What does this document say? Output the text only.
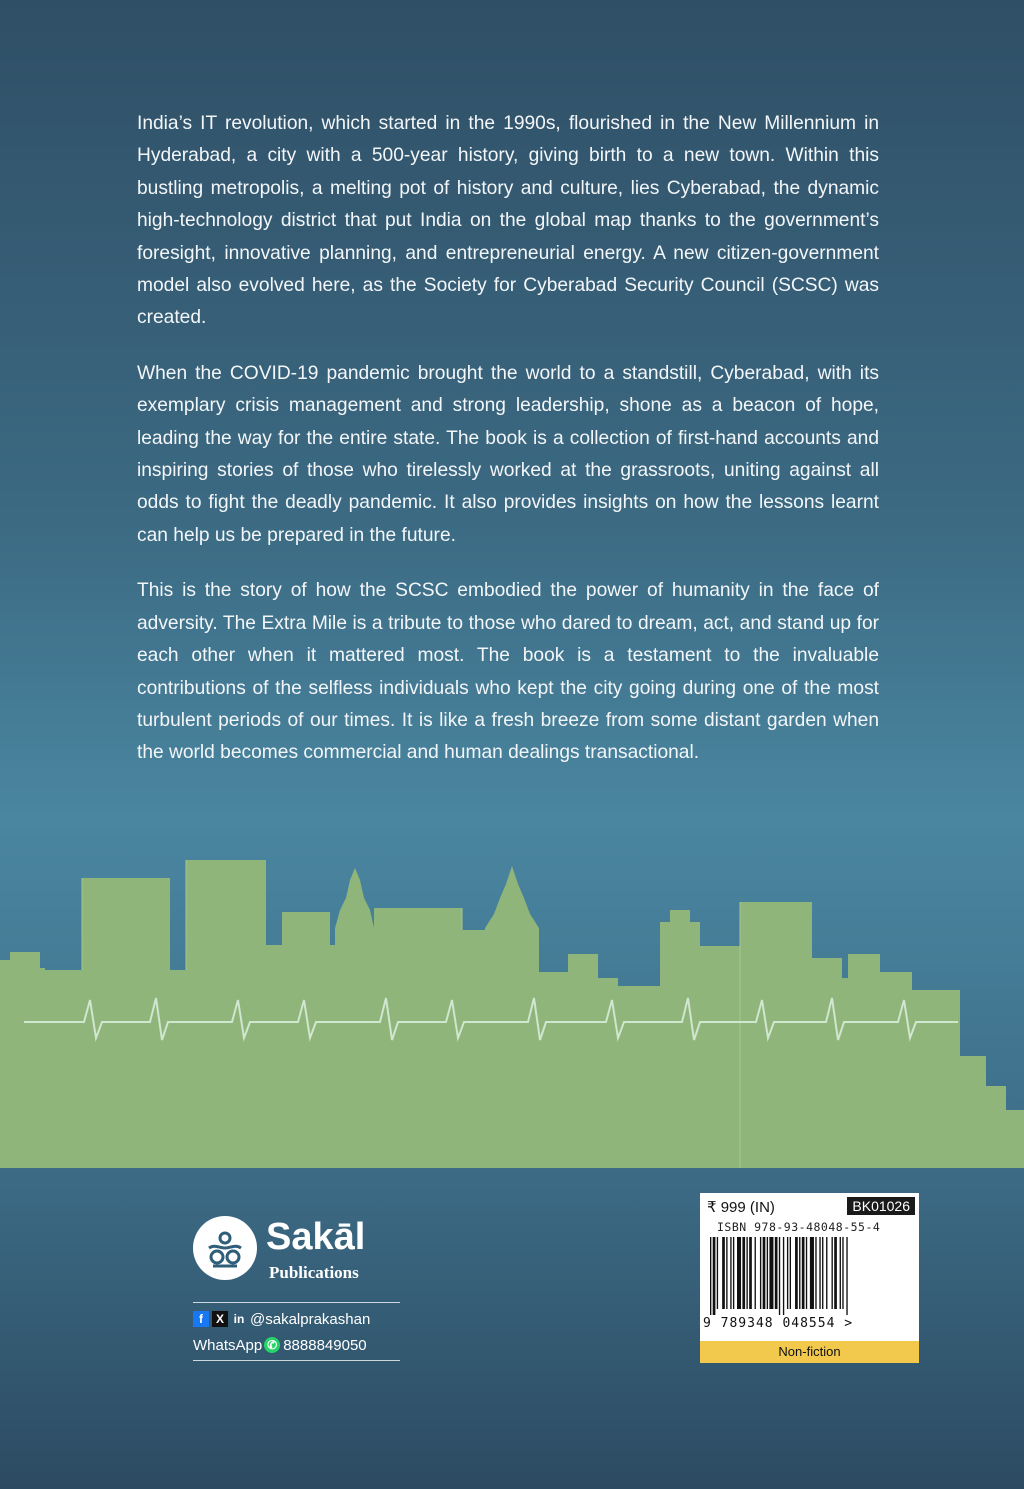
India’s IT revolution, which started in the 1990s, flourished in the New Millennium in Hyderabad, a city with a 500-year history, giving birth to a new town. Within this bustling metropolis, a melting pot of history and culture, lies Cyberabad, the dynamic high-technology district that put India on the global map thanks to the government’s foresight, innovative planning, and entrepreneurial energy. A new citizen-government model also evolved here, as the Society for Cyberabad Security Council (SCSC) was created.

When the COVID-19 pandemic brought the world to a standstill, Cyberabad, with its exemplary crisis management and strong leadership, shone as a beacon of hope, leading the way for the entire state. The book is a collection of first-hand accounts and inspiring stories of those who tirelessly worked at the grassroots, uniting against all odds to fight the deadly pandemic. It also provides insights on how the lessons learnt can help us be prepared in the future.

This is the story of how the SCSC embodied the power of humanity in the face of adversity. The Extra Mile is a tribute to those who dared to dream, act, and stand up for each other when it mattered most. The book is a testament to the invaluable contributions of the selfless individuals who kept the city going during one of the most turbulent periods of our times. It is like a fresh breeze from some distant garden when the world becomes commercial and human dealings transactional.

Sakāl
Publications
f	X in @sakalprakashan
WhatsApp ✆ 8888849050
₹ 999 (IN)	BK01026
ISBN 978-93-48048-55-4
9 789348 048554 >
Non-fiction
